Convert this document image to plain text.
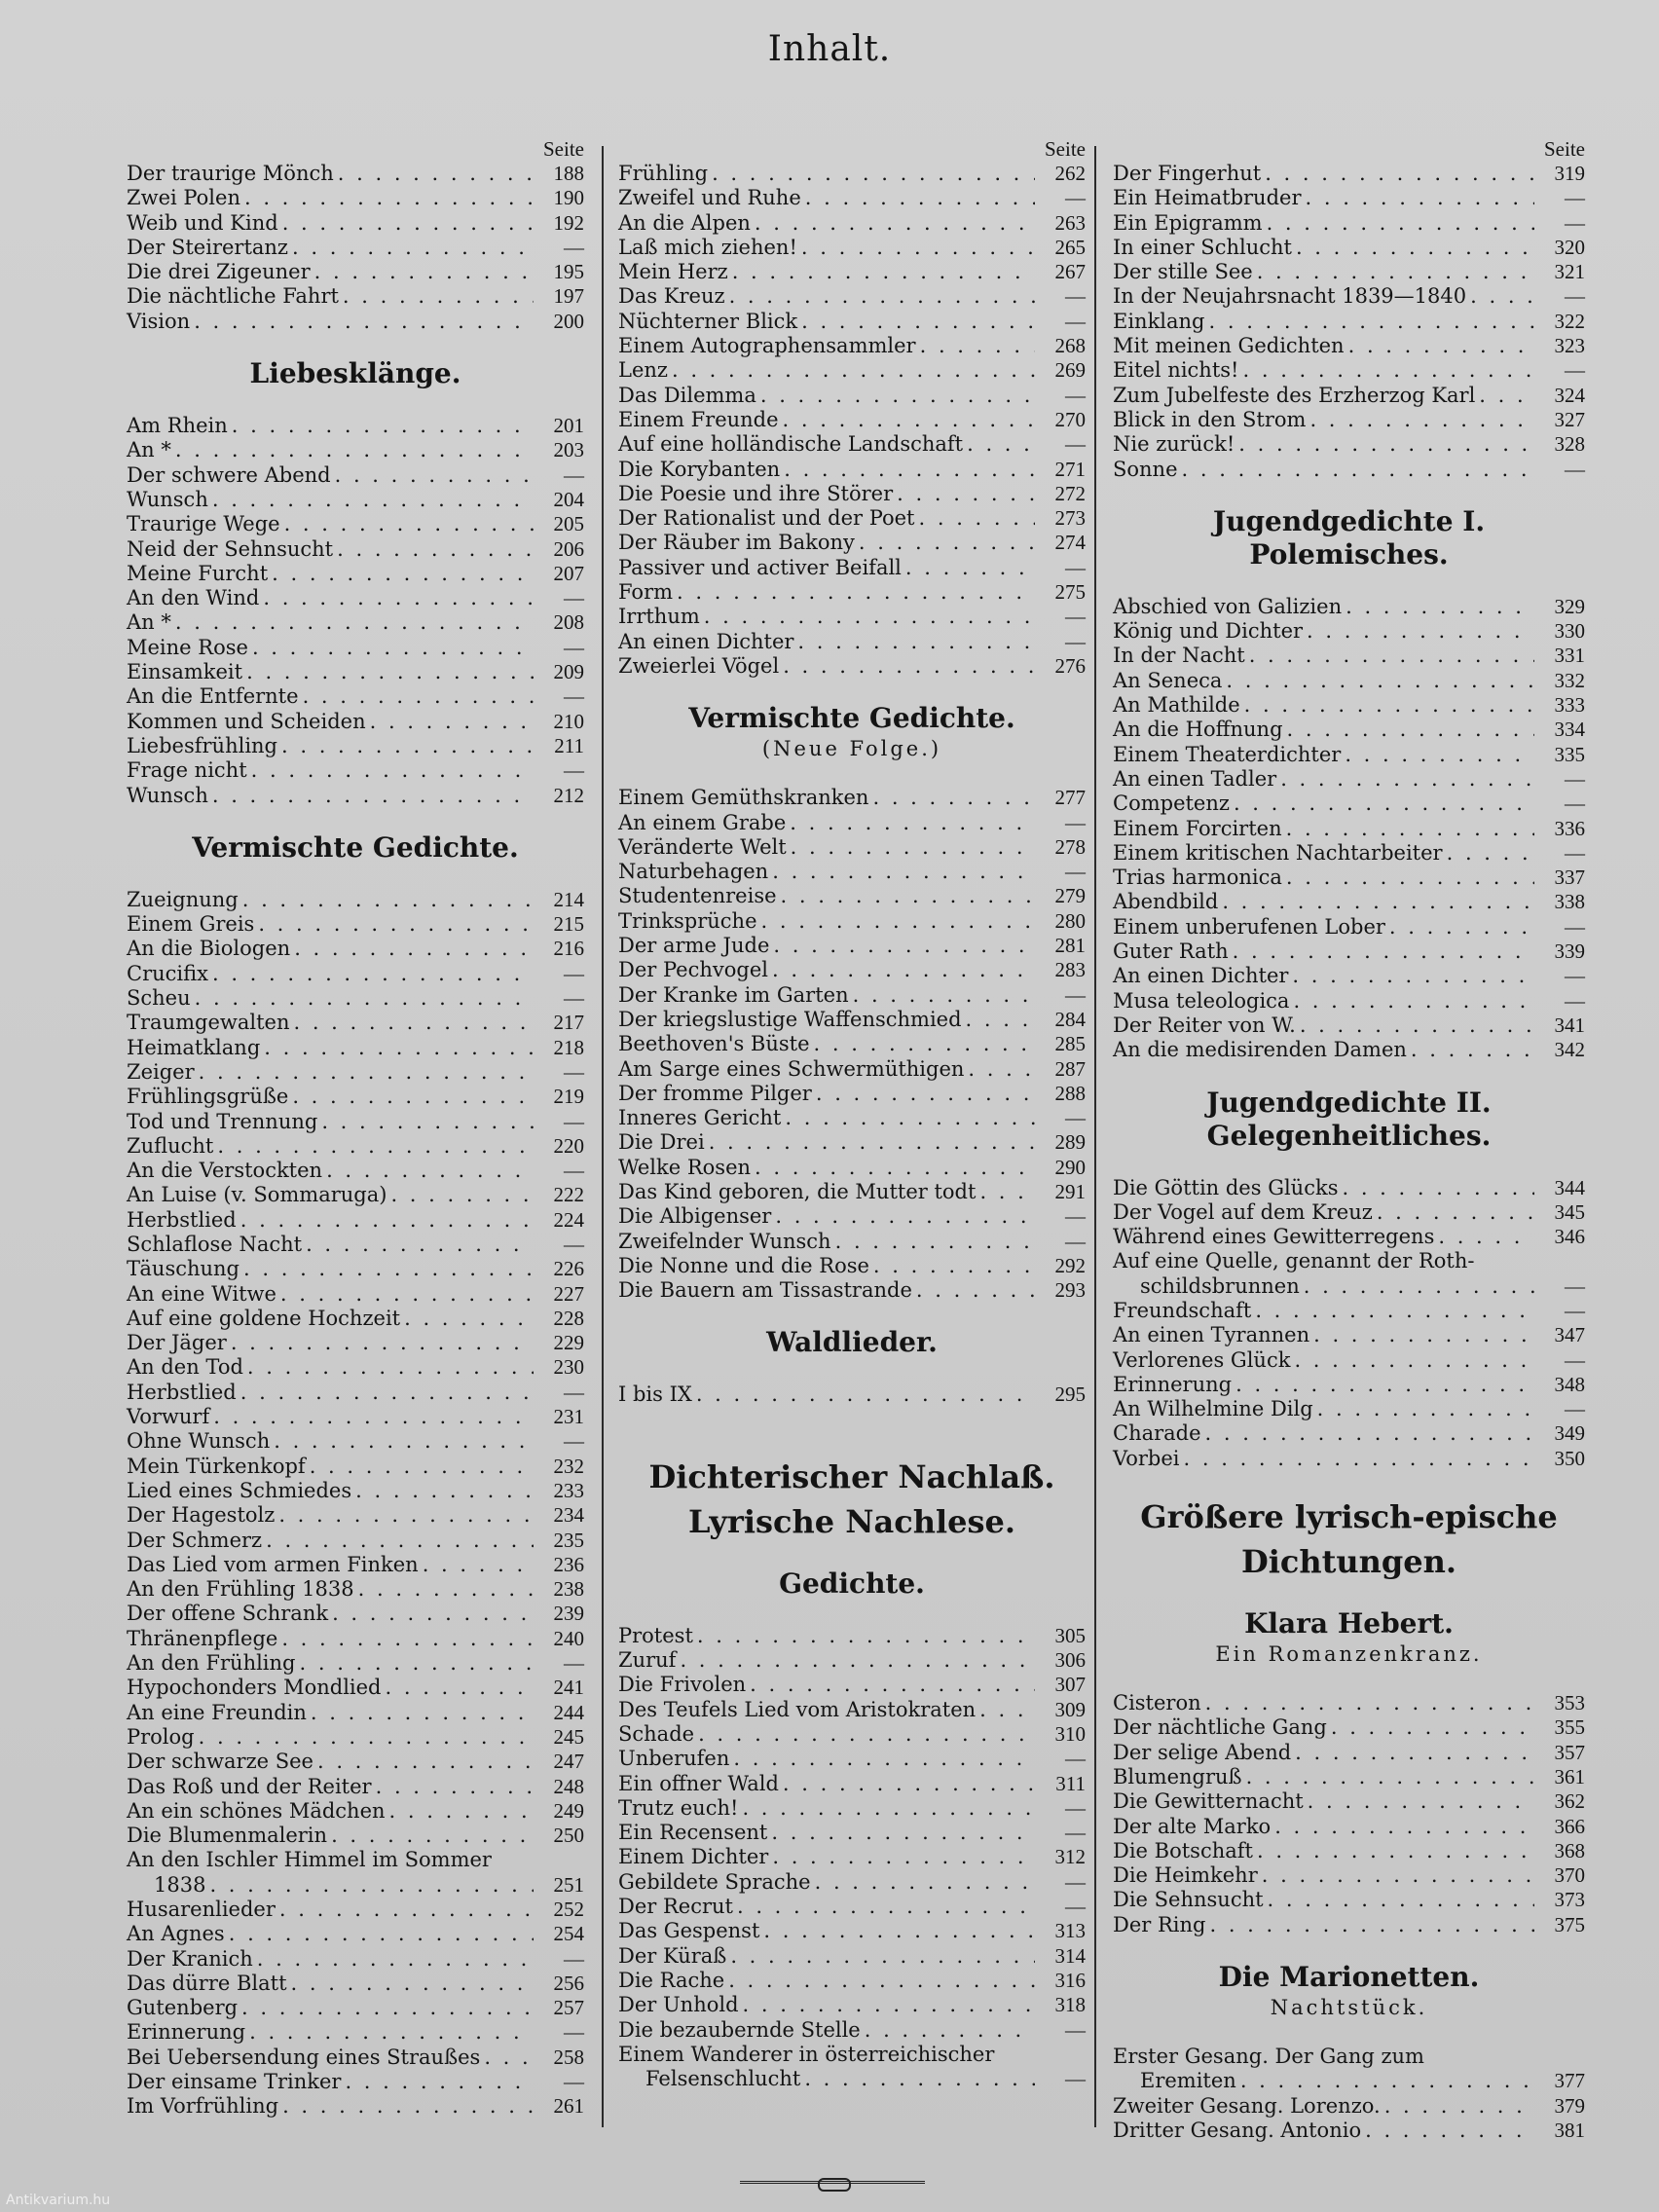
Inhalt.
Seite
Der traurige Mönch . . .	188
Zwei Polen . . .	190
Weib und Kind . . .	192
Der Steirertanz . . .	—
Die drei Zigeuner . . .	195
Die nächtliche Fahrt . . .	197
Vision . . .	200
Liebesklänge.
Am Rhein . . .	201
An * . . .	203
Der schwere Abend . . .	—
Wunsch . . .	204
Traurige Wege . . .	205
Neid der Sehnsucht . . .	206
Meine Furcht . . .	207
An den Wind . . .	—
An * . . .	208
Meine Rose . . .	—
Einsamkeit . . .	209
An die Entfernte . . .	—
Kommen und Scheiden . . .	210
Liebesfrühling . . .	211
Frage nicht . . .	—
Wunsch . . .	212
Vermischte Gedichte.
Zueignung . . .	214
Einem Greis . . .	215
An die Biologen . . .	216
Crucifix . . .	—
Scheu . . .	—
Traumgewalten . . .	217
Heimatklang . . .	218
Zeiger . . .	—
Frühlingsgrüße . . .	219
Tod und Trennung . . .	—
Zuflucht . . .	220
An die Verstockten . . .	—
An Luise (v. Sommaruga) . . .	222
Herbstlied . . .	224
Schlaflose Nacht . . .	—
Täuschung . . .	226
An eine Witwe . . .	227
Auf eine goldene Hochzeit . . .	228
Der Jäger . . .	229
An den Tod . . .	230
Herbstlied . . .	—
Vorwurf . . .	231
Ohne Wunsch . . .	—
Mein Türkenkopf . . .	232
Lied eines Schmiedes . . .	233
Der Hagestolz . . .	234
Der Schmerz . . .	235
Das Lied vom armen Finken . . .	236
An den Frühling 1838 . . .	238
Der offene Schrank . . .	239
Thränenpflege . . .	240
An den Frühling . . .	—
Hypochonders Mondlied . . .	241
An eine Freundin . . .	244
Prolog . . .	245
Der schwarze See . . .	247
Das Roß und der Reiter . . .	248
An ein schönes Mädchen . . .	249
Die Blumenmalerin . . .	250
An den Ischler Himmel im Sommer
1838 . . .	251
Husarenlieder . . .	252
An Agnes . . .	254
Der Kranich . . .	—
Das dürre Blatt . . .	256
Gutenberg . . .	257
Erinnerung . . .	—
Bei Uebersendung eines Straußes . . .	258
Der einsame Trinker . . .	—
Im Vorfrühling . . .	261
Seite
Frühling . . .	262
Zweifel und Ruhe . . .	—
An die Alpen . . .	263
Laß mich ziehen! . . .	265
Mein Herz . . .	267
Das Kreuz . . .	—
Nüchterner Blick . . .	—
Einem Autographensammler . . .	268
Lenz . . .	269
Das Dilemma . . .	—
Einem Freunde . . .	270
Auf eine holländische Landschaft . . .	—
Die Korybanten . . .	271
Die Poesie und ihre Störer . . .	272
Der Rationalist und der Poet . . .	273
Der Räuber im Bakony . . .	274
Passiver und activer Beifall . . .	—
Form . . .	275
Irrthum . . .	—
An einen Dichter . . .	—
Zweierlei Vögel . . .	276
Vermischte Gedichte.
(Neue Folge.)
Einem Gemüthskranken . . .	277
An einem Grabe . . .	—
Veränderte Welt . . .	278
Naturbehagen . . .	—
Studentenreise . . .	279
Trinksprüche . . .	280
Der arme Jude . . .	281
Der Pechvogel . . .	283
Der Kranke im Garten . . .	—
Der kriegslustige Waffenschmied . . .	284
Beethoven's Büste . . .	285
Am Sarge eines Schwermüthigen . . .	287
Der fromme Pilger . . .	288
Inneres Gericht . . .	—
Die Drei . . .	289
Welke Rosen . . .	290
Das Kind geboren, die Mutter todt . . .	291
Die Albigenser . . .	—
Zweifelnder Wunsch . . .	—
Die Nonne und die Rose . . .	292
Die Bauern am Tissastrande . . .	293
Waldlieder.
I bis IX . . .	295
Dichterischer Nachlaß. Lyrische Nachlese.
Gedichte.
Protest . . .	305
Zuruf . . .	306
Die Frivolen . . .	307
Des Teufels Lied vom Aristokraten . . .	309
Schade . . .	310
Unberufen . . .	—
Ein offner Wald . . .	311
Trutz euch! . . .	—
Ein Recensent . . .	—
Einem Dichter . . .	312
Gebildete Sprache . . .	—
Der Recrut . . .	—
Das Gespenst . . .	313
Der Küraß . . .	314
Die Rache . . .	316
Der Unhold . . .	318
Die bezaubernde Stelle . . .	—
Einem Wanderer in österreichischer
Felsenschlucht . . .	—
Seite
Der Fingerhut . . .	319
Ein Heimatbruder . . .	—
Ein Epigramm . . .	—
In einer Schlucht . . .	320
Der stille See . . .	321
In der Neujahrsnacht 1839—1840 . . .	—
Einklang . . .	322
Mit meinen Gedichten . . .	323
Eitel nichts! . . .	—
Zum Jubelfeste des Erzherzog Karl . . .	324
Blick in den Strom . . .	327
Nie zurück! . . .	328
Sonne . . .	—
Jugendgedichte I. Polemisches.
Abschied von Galizien . . .	329
König und Dichter . . .	330
In der Nacht . . .	331
An Seneca . . .	332
An Mathilde . . .	333
An die Hoffnung . . .	334
Einem Theaterdichter . . .	335
An einen Tadler . . .	—
Competenz . . .	—
Einem Forcirten . . .	336
Einem kritischen Nachtarbeiter . . .	—
Trias harmonica . . .	337
Abendbild . . .	338
Einem unberufenen Lober . . .	—
Guter Rath . . .	339
An einen Dichter . . .	—
Musa teleologica . . .	—
Der Reiter von W. . . .	341
An die medisirenden Damen . . .	342
Jugendgedichte II. Gelegenheitliches.
Die Göttin des Glücks . . .	344
Der Vogel auf dem Kreuz . . .	345
Während eines Gewitterregens . . .	346
Auf eine Quelle, genannt der Roth-
schildsbrunnen . . .	—
Freundschaft . . .	—
An einen Tyrannen . . .	347
Verlorenes Glück . . .	—
Erinnerung . . .	348
An Wilhelmine Dilg . . .	—
Charade . . .	349
Vorbei . . .	350
Größere lyrisch-epische Dichtungen.
Klara Hebert.
Ein Romanzenkranz.
Cisteron . . .	353
Der nächtliche Gang . . .	355
Der selige Abend . . .	357
Blumengruß . . .	361
Die Gewitternacht . . .	362
Der alte Marko . . .	366
Die Botschaft . . .	368
Die Heimkehr . . .	370
Die Sehnsucht . . .	373
Der Ring . . .	375
Die Marionetten.
Nachtstück.
Erster Gesang. Der Gang zum
Eremiten . . .	377
Zweiter Gesang. Lorenzo. . . .	379
Dritter Gesang. Antonio . . .	381
Antikvarium.hu
